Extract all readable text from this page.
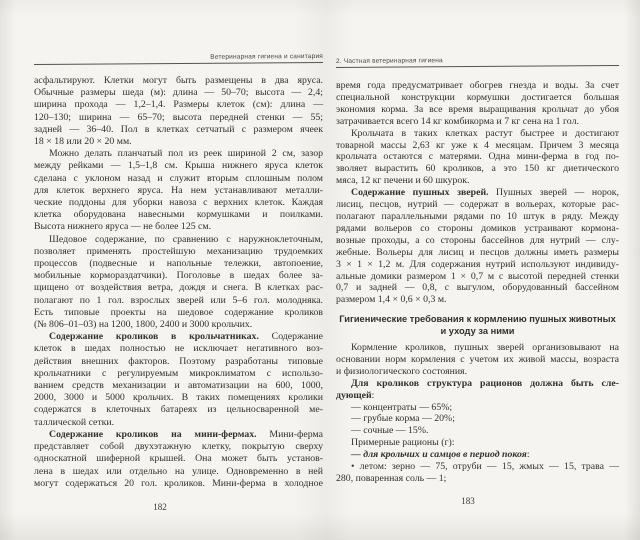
Ветеринарная гигиена и санитария
асфальтируют. Клетки могут быть размещены в два яруса.
Обычные размеры шеда (м): длина — 50–70; высота — 2,4;
ширина прохода — 1,2–1,4. Размеры клеток (см): длина —
120–130; ширина — 65–70; высота передней стенки — 55;
задней — 36–40. Пол в клетках сетчатый с размером ячеек
18 × 18 или 20 × 20 мм.
Можно делать планчатый пол из реек шириной 2 см, зазор
между рейками — 1,5–1,8 см. Крыша нижнего яруса клеток
сделана с уклоном назад и служит вторым сплошным полом
для клеток верхнего яруса. На нем устанавливают металли-
ческие поддоны для уборки навоза с верхних клеток. Каждая
клетка оборудована навесными кормушками и поилками.
Высота нижнего яруса — не более 125 см.
Шедовое содержание, по сравнению с наружноклеточным,
позволяет применять простейшую механизацию трудоемких
процессов (подвесные и напольные тележки, автопоение,
мобильные кормораздатчики). Поголовье в шедах более за-
щищено от воздействия ветра, дождя и снега. В клетках рас-
полагают по 1 гол. взрослых зверей или 5–6 гол. молодняка.
Есть типовые проекты на шедовое содержание кроликов
(№ 806–01–03) на 1200, 1800, 2400 и 3000 крольчих.
Содержание кроликов в крольчатниках. Содержание
клеток в шедах полностью не исключает негативного воз-
действия внешних факторов. Поэтому разработаны типовые
крольчатники с регулируемым микроклиматом с использо-
ванием средств механизации и автоматизации на 600, 1000,
2000, 3000 и 5000 крольчих. В таких помещениях кролики
содержатся в клеточных батареях из цельносваренной ме-
таллической сетки.
Содержание кроликов на мини-фермах. Мини-ферма
представляет собой двухэтажную клетку, покрытую сверху
односкатной шиферной крышей. Она может быть установ-
лена в шедах или отдельно на улице. Одновременно в ней
могут содержаться 20 гол. кроликов. Мини-ферма в холодное
2. Частная ветеринарная гигиена
время года предусматривает обогрев гнезда и воды. За счет
специальной конструкции кормушки достигается большая
экономия корма. За все время выращивания крольчат до убоя
затрачивается всего 14 кг комбикорма и 7 кг сена на 1 гол.
Крольчата в таких клетках растут быстрее и достигают
товарной массы 2,63 кг уже к 4 месяцам. Причем 3 месяца
крольчата остаются с матерями. Одна мини-ферма в год по-
зволяет вырастить 60 кроликов, а это 150 кг диетического
мяса, 12 кг печени и 60 шкурок.
Содержание пушных зверей. Пушных зверей — норок,
лисиц, песцов, нутрий — содержат в вольерах, которые рас-
полагают параллельными рядами по 10 штук в ряду. Между
рядами вольеров со стороны домиков устраивают кормона-
возные проходы, а со стороны бассейнов для нутрий — слу-
жебные. Вольеры для лисиц и песцов должны иметь размеры
3 × 1 × 1,2 м. Для содержания нутрий используют индивиду-
альные домики размером 1 × 0,7 м с высотой передней стенки
0,7 и задней — 0,8, с выгулом, оборудованный бассейном
размером 1,4 × 0,6 × 0,3 м.
Гигиенические требования к кормлению пушных животных
и уходу за ними
Кормление кроликов, пушных зверей организовывают на
основании норм кормления с учетом их живой массы, возраста
и физиологического состояния.
Для кроликов структура рационов должна быть сле-
дующей:
— концентраты — 65%;
— грубые корма — 20%;
— сочные — 15%.
Примерные рационы (г):
— для крольчих и самцов в период покоя:
• летом: зерно — 75, отруби — 15, жмых — 15, трава —
280, поваренная соль — 1;
182
183
